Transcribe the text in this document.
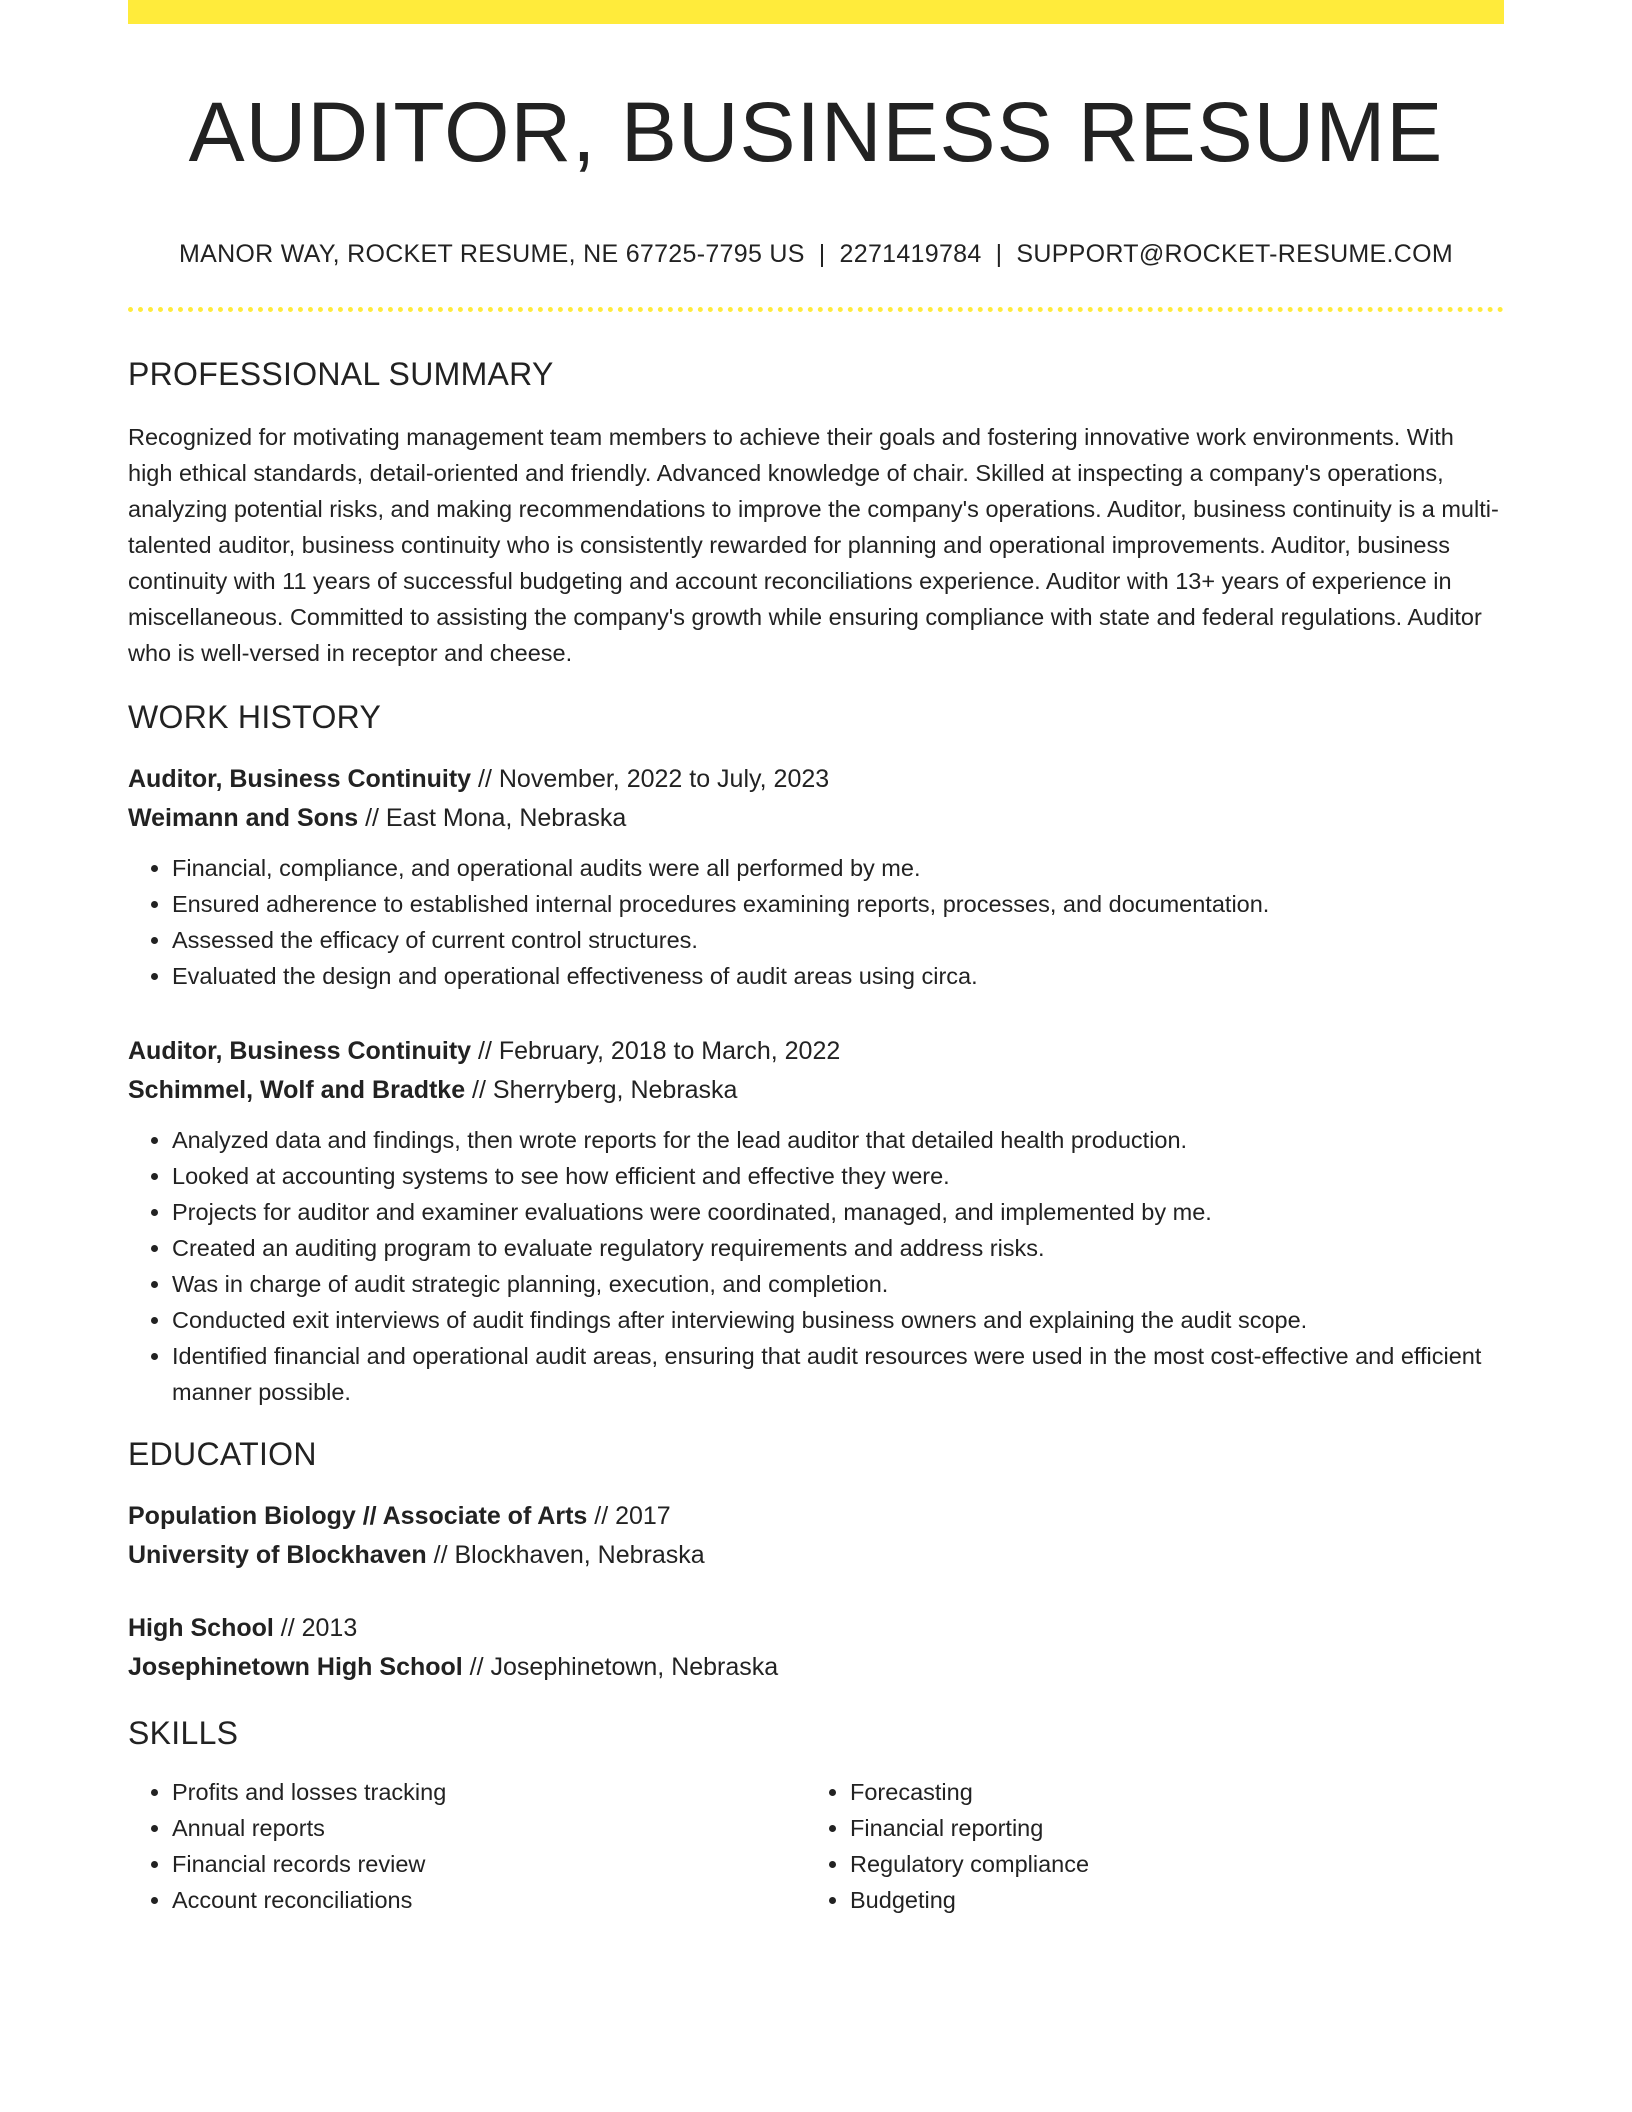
AUDITOR, BUSINESS RESUME
MANOR WAY, ROCKET RESUME, NE 67725-7795 US | 2271419784 | SUPPORT@ROCKET-RESUME.COM
PROFESSIONAL SUMMARY

Recognized for motivating management team members to achieve their goals and fostering innovative work environments. With high ethical standards, detail-oriented and friendly. Advanced knowledge of chair. Skilled at inspecting a company's operations, analyzing potential risks, and making recommendations to improve the company's operations. Auditor, business continuity is a multi-talented auditor, business continuity who is consistently rewarded for planning and operational improvements. Auditor, business continuity with 11 years of successful budgeting and account reconciliations experience. Auditor with 13+ years of experience in miscellaneous. Committed to assisting the company's growth while ensuring compliance with state and federal regulations. Auditor who is well-versed in receptor and cheese.

WORK HISTORY
Auditor, Business Continuity // November, 2022 to July, 2023
Weimann and Sons // East Mona, Nebraska
• Financial, compliance, and operational audits were all performed by me.
• Ensured adherence to established internal procedures examining reports, processes, and documentation.
• Assessed the efficacy of current control structures.
• Evaluated the design and operational effectiveness of audit areas using circa.
Auditor, Business Continuity // February, 2018 to March, 2022
Schimmel, Wolf and Bradtke // Sherryberg, Nebraska
• Analyzed data and findings, then wrote reports for the lead auditor that detailed health production.
• Looked at accounting systems to see how efficient and effective they were.
• Projects for auditor and examiner evaluations were coordinated, managed, and implemented by me.
• Created an auditing program to evaluate regulatory requirements and address risks.
• Was in charge of audit strategic planning, execution, and completion.
• Conducted exit interviews of audit findings after interviewing business owners and explaining the audit scope.
• Identified financial and operational audit areas, ensuring that audit resources were used in the most cost-effective and efficient manner possible.
EDUCATION
Population Biology // Associate of Arts // 2017
University of Blockhaven // Blockhaven, Nebraska
High School // 2013
Josephinetown High School // Josephinetown, Nebraska
SKILLS
• Profits and losses tracking
• Annual reports
• Financial records review
• Account reconciliations
• Forecasting
• Financial reporting
• Regulatory compliance
• Budgeting
